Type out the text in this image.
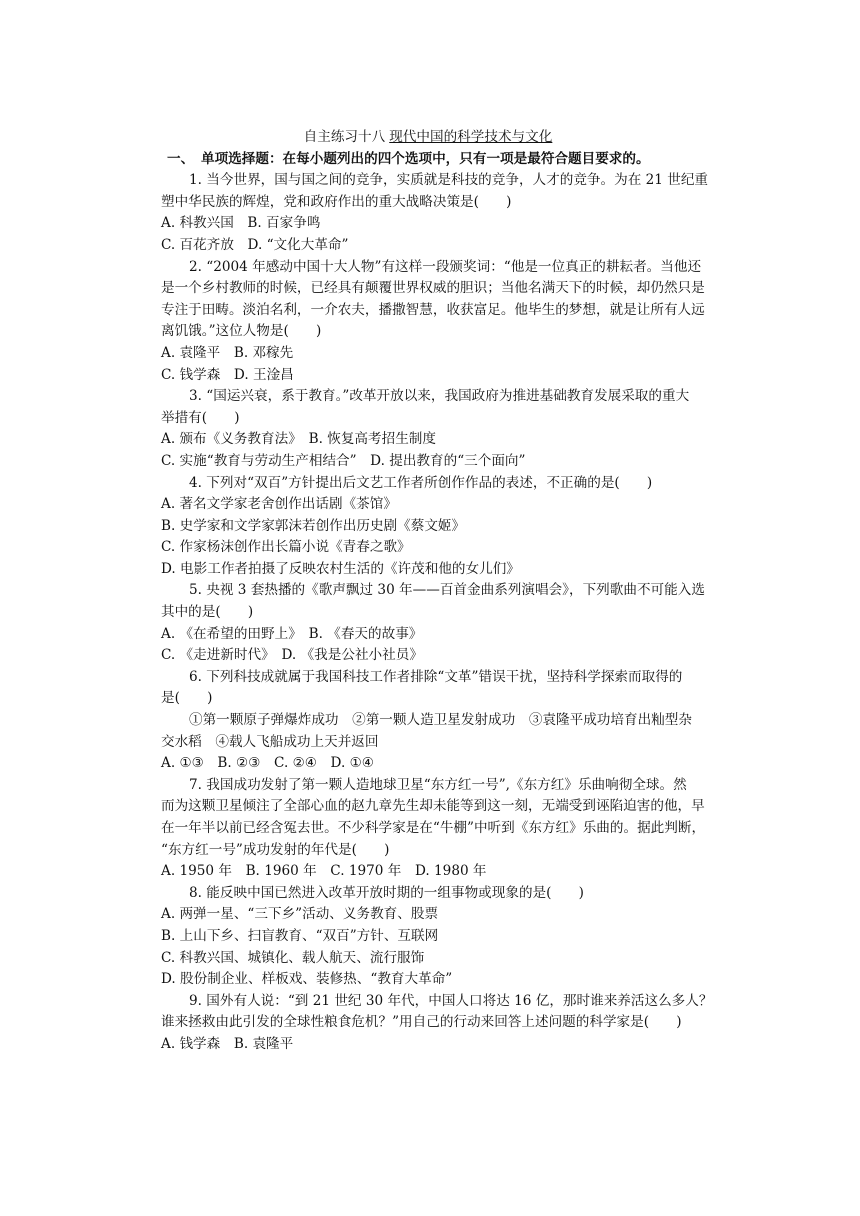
自主练习十八 现代中国的科学技术与文化
一、　单项选择题：在每小题列出的四个选项中，只有一项是最符合题目要求的。
1. 当今世界，国与国之间的竞争，实质就是科技的竞争，人才的竞争。为在 21 世纪重
塑中华民族的辉煌，党和政府作出的重大战略决策是(　　)
A. 科教兴国　B. 百家争鸣
C. 百花齐放　D. “文化大革命”
2. “2004 年感动中国十大人物”有这样一段颁奖词：“他是一位真正的耕耘者。当他还
是一个乡村教师的时候，已经具有颠覆世界权威的胆识；当他名满天下的时候，却仍然只是
专注于田畴。淡泊名利，一介农夫，播撒智慧，收获富足。他毕生的梦想，就是让所有人远
离饥饿。”这位人物是(　　)
A. 袁隆平　B. 邓稼先
C. 钱学森　D. 王淦昌
3. “国运兴衰，系于教育。”改革开放以来，我国政府为推进基础教育发展采取的重大
举措有(　　)
A. 颁布《义务教育法》　B. 恢复高考招生制度
C. 实施“教育与劳动生产相结合”　D. 提出教育的“三个面向”
4. 下列对“双百”方针提出后文艺工作者所创作作品的表述，不正确的是(　　)
A. 著名文学家老舍创作出话剧《茶馆》
B. 史学家和文学家郭沫若创作出历史剧《蔡文姬》
C. 作家杨沫创作出长篇小说《青春之歌》
D. 电影工作者拍摄了反映农村生活的《许茂和他的女儿们》
5. 央视 3 套热播的《歌声飘过 30 年——百首金曲系列演唱会》，下列歌曲不可能入选
其中的是(　　)
A. 《在希望的田野上》　B. 《春天的故事》
C. 《走进新时代》　D. 《我是公社小社员》
6. 下列科技成就属于我国科技工作者排除“文革”错误干扰，坚持科学探索而取得的
是(　　)
①第一颗原子弹爆炸成功　②第一颗人造卫星发射成功　③袁隆平成功培育出籼型杂
交水稻　④载人飞船成功上天并返回
A. ①③　B. ②③　C. ②④　D. ①④
7. 我国成功发射了第一颗人造地球卫星“东方红一号”,《东方红》乐曲响彻全球。然
而为这颗卫星倾注了全部心血的赵九章先生却未能等到这一刻，无端受到诬陷迫害的他，早
在一年半以前已经含冤去世。不少科学家是在“牛棚”中听到《东方红》乐曲的。据此判断，
“东方红一号”成功发射的年代是(　　)
A. 1950 年　B. 1960 年　C. 1970 年　D. 1980 年
8. 能反映中国已然进入改革开放时期的一组事物或现象的是(　　)
A. 两弹一星、“三下乡”活动、义务教育、股票
B. 上山下乡、扫盲教育、“双百”方针、互联网
C. 科教兴国、城镇化、载人航天、流行服饰
D. 股份制企业、样板戏、装修热、“教育大革命”
9. 国外有人说：“到 21 世纪 30 年代，中国人口将达 16 亿，那时谁来养活这么多人？
谁来拯救由此引发的全球性粮食危机？”用自己的行动来回答上述问题的科学家是(　　)
A. 钱学森　B. 袁隆平
